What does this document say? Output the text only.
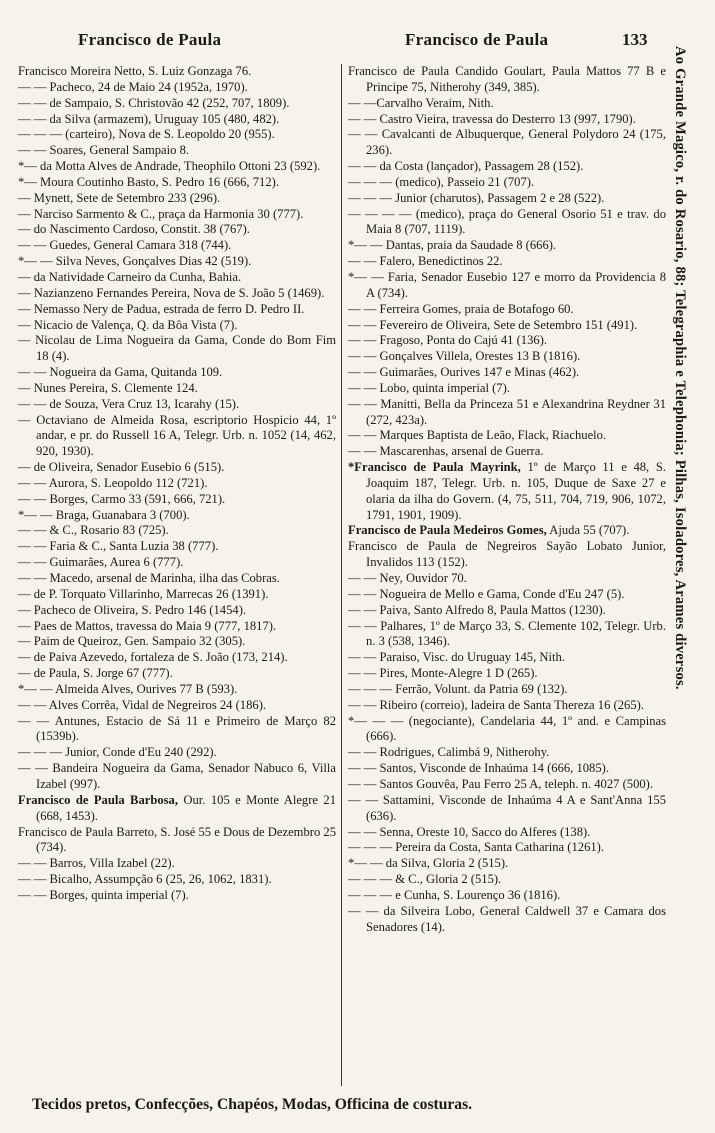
Francisco de Paula	Francisco de Paula	133
Francisco Moreira Netto, S. Luiz Gonzaga 76.
— — Pacheco, 24 de Maio 24 (1952a, 1970).
— — de Sampaio, S. Christovão 42 (252, 707, 1809).
— — da Silva (armazem), Uruguay 105 (480, 482).
— — — (carteiro), Nova de S. Leopoldo 20 (955).
— — Soares, General Sampaio 8.
*— da Motta Alves de Andrade, Theophilo Ottoni 23 (592).
*— Moura Coutinho Basto, S. Pedro 16 (666, 712).
— Mynett, Sete de Setembro 233 (296).
— Narciso Sarmento & C., praça da Harmonia 30 (777).
— do Nascimento Cardoso, Constit. 38 (767).
— — Guedes, General Camara 318 (744).
*— — Silva Neves, Gonçalves Dias 42 (519).
— da Natividade Carneiro da Cunha, Bahia.
— Nazianzeno Fernandes Pereira, Nova de S. João 5 (1469).
— Nemasso Nery de Padua, estrada de ferro D. Pedro II.
— Nicacio de Valença, Q. da Bôa Vista (7).
— Nicolau de Lima Nogueira da Gama, Conde do Bom Fim 18 (4).
— — Nogueira da Gama, Quitanda 109.
— Nunes Pereira, S. Clemente 124.
— — de Souza, Vera Cruz 13, Icarahy (15).
— Octaviano de Almeida Rosa, escriptorio Hospicio 44, 1º andar, e pr. do Russell 16 A, Telegr. Urb. n. 1052 (14, 462, 920, 1930).
— de Oliveira, Senador Eusebio 6 (515).
— — Aurora, S. Leopoldo 112 (721).
— — Borges, Carmo 33 (591, 666, 721).
*— — Braga, Guanabara 3 (700).
— — & C., Rosario 83 (725).
— — Faria & C., Santa Luzia 38 (777).
— — Guimarães, Aurea 6 (777).
— — Macedo, arsenal de Marinha, ilha das Cobras.
— de P. Torquato Villarinho, Marrecas 26 (1391).
— Pacheco de Oliveira, S. Pedro 146 (1454).
— Paes de Mattos, travessa do Maia 9 (777, 1817).
— Paim de Queiroz, Gen. Sampaio 32 (305).
— de Paiva Azevedo, fortaleza de S. João (173, 214).
— de Paula, S. Jorge 67 (777).
*— — Almeida Alves, Ourives 77 B (593).
— — Alves Corrêa, Vidal de Negreiros 24 (186).
— — Antunes, Estacio de Sá 11 e Primeiro de Março 82 (1539b).
— — — Junior, Conde d'Eu 240 (292).
— — Bandeira Nogueira da Gama, Senador Nabuco 6, Villa Izabel (997).
Francisco de Paula Barbosa, Our. 105 e Monte Alegre 21 (668, 1453).
Francisco de Paula Barreto, S. José 55 e Dous de Dezembro 25 (734).
— — Barros, Villa Izabel (22).
— — Bicalho, Assumpção 6 (25, 26, 1062, 1831).
— — Borges, quinta imperial (7).
Francisco de Paula Candido Goulart, Paula Mattos 77 B e Principe 75, Nitherohy (349, 385).
— —Carvalho Veraim, Nith.
— — Castro Vieira, travessa do Desterro 13 (997, 1790).
— — Cavalcanti de Albuquerque, General Polydoro 24 (175, 236).
— — da Costa (lançador), Passagem 28 (152).
— — — (medico), Passeio 21 (707).
— — — Junior (charutos), Passagem 2 e 28 (522).
— — — — (medico), praça do General Osorio 51 e trav. do Maia 8 (707, 1119).
*— — Dantas, praia da Saudade 8 (666).
— — Falero, Benedictinos 22.
*— — Faria, Senador Eusebio 127 e morro da Providencia 8 A (734).
— — Ferreira Gomes, praia de Botafogo 60.
— — Fevereiro de Oliveira, Sete de Setembro 151 (491).
— — Fragoso, Ponta do Cajú 41 (136).
— — Gonçalves Villela, Orestes 13 B (1816).
— — Guimarães, Ourives 147 e Minas (462).
— — Lobo, quinta imperial (7).
— — Manitti, Bella da Princeza 51 e Alexandrina Reydner 31 (272, 423a).
— — Marques Baptista de Leão, Flack, Riachuelo.
— — Mascarenhas, arsenal de Guerra.
*Francisco de Paula Mayrink, 1º de Março 11 e 48, S. Joaquim 187, Telegr. Urb. n. 105, Duque de Saxe 27 e olaria da ilha do Govern. (4, 75, 511, 704, 719, 906, 1072, 1791, 1901, 1909).
Francisco de Paula Medeiros Gomes, Ajuda 55 (707).
Francisco de Paula de Negreiros Sayão Lobato Junior, Invalidos 113 (152).
— — Ney, Ouvidor 70.
— — Nogueira de Mello e Gama, Conde d'Eu 247 (5).
— — Paiva, Santo Alfredo 8, Paula Mattos (1230).
— — Palhares, 1º de Março 33, S. Clemente 102, Telegr. Urb. n. 3 (538, 1346).
— — Paraiso, Visc. do Uruguay 145, Nith.
— — Pires, Monte-Alegre 1 D (265).
— — — Ferrão, Volunt. da Patria 69 (132).
— — Ribeiro (correio), ladeira de Santa Thereza 16 (265).
*— — — (negociante), Candelaria 44, 1º and. e Campinas (666).
— — Rodrigues, Calimbá 9, Nitherohy.
— — Santos, Visconde de Inhaúma 14 (666, 1085).
— — Santos Gouvêa, Pau Ferro 25 A, teleph. n. 4027 (500).
— — Sattamini, Visconde de Inhaúma 4 A e Sant'Anna 155 (636).
— — Senna, Oreste 10, Sacco do Alferes (138).
— — — Pereira da Costa, Santa Catharina (1261).
*— — da Silva, Gloria 2 (515).
— — — & C., Gloria 2 (515).
— — — e Cunha, S. Lourenço 36 (1816).
— — da Silveira Lobo, General Caldwell 37 e Camara dos Senadores (14).
Ao Grande Magico, r. do Rosario, 88; Telegraphia e Telephonia; Pilhas, Isoladores, Arames diversos.
Tecidos pretos, Confecções, Chapéos, Modas, Officina de costuras.
